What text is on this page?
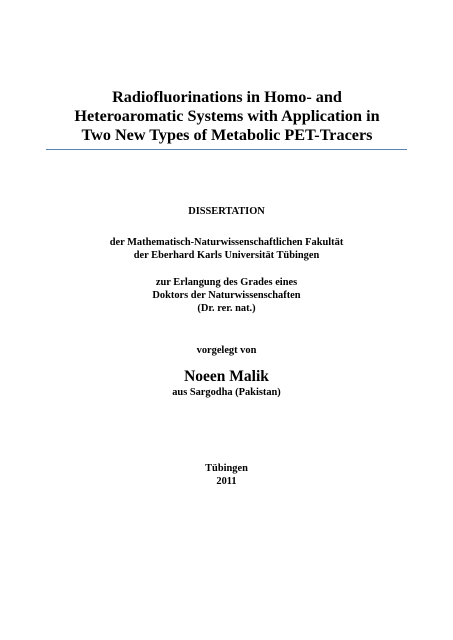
Radiofluorinations in Homo- and

Heteroaromatic Systems with Application in

Two New Types of Metabolic PET-Tracers

DISSERTATION
der Mathematisch-Naturwissenschaftlichen Fakultät
der Eberhard Karls Universität Tübingen
zur Erlangung des Grades eines
Doktors der Naturwissenschaften
(Dr. rer. nat.)
vorgelegt von
Noeen Malik
aus Sargodha (Pakistan)
Tübingen
2011
